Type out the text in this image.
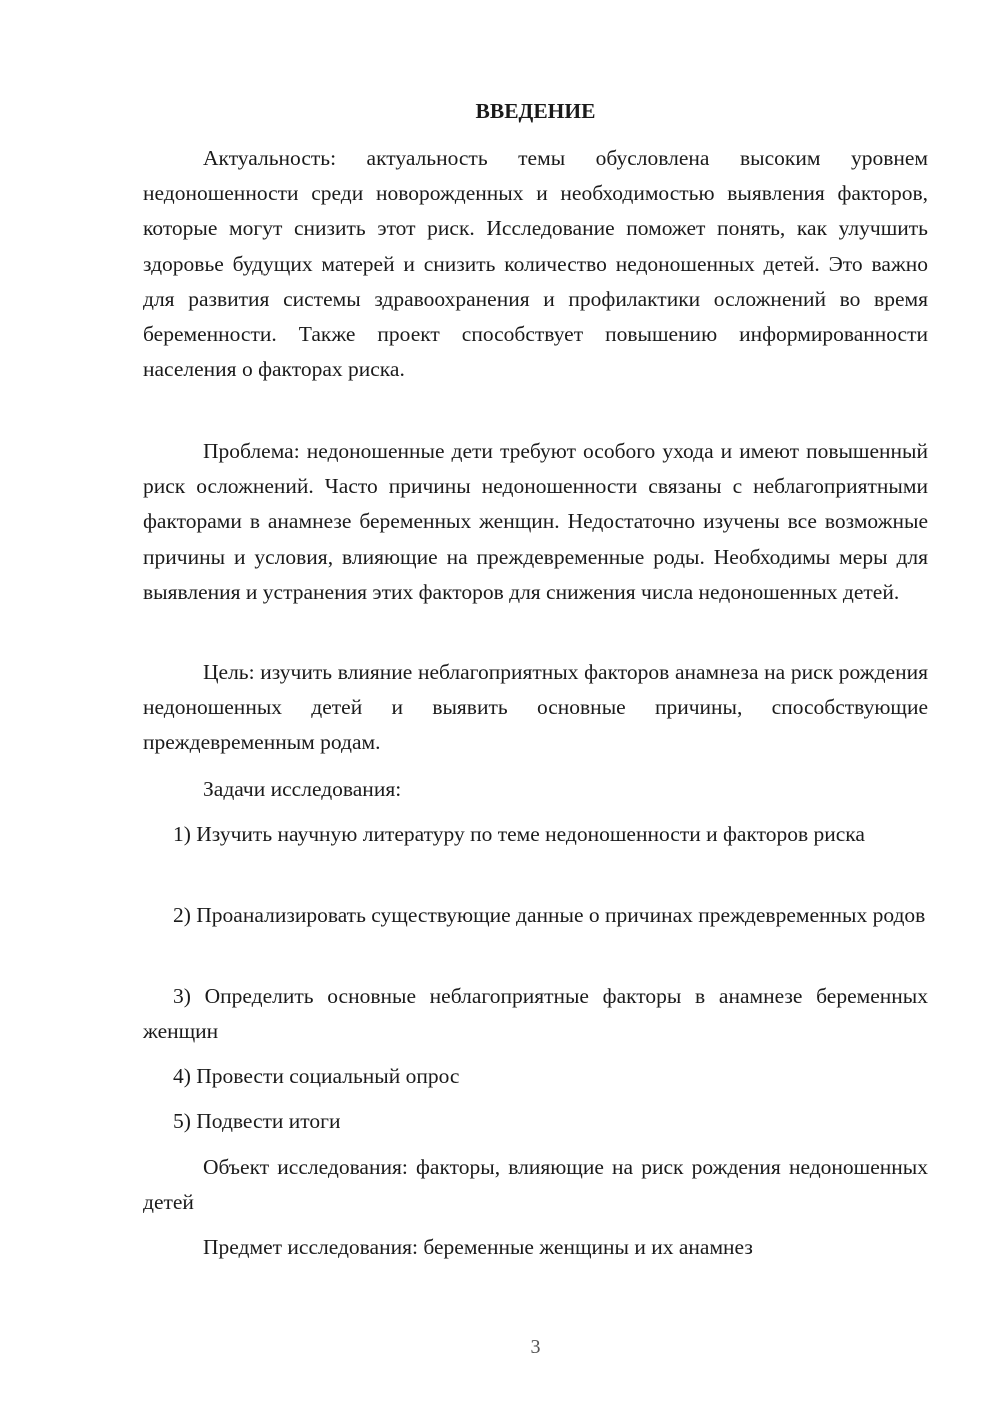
ВВЕДЕНИЕ

Актуальность: актуальность темы обусловлена высоким уровнем недоношенности среди новорожденных и необходимостью выявления факторов, которые могут снизить этот риск. Исследование поможет понять, как улучшить здоровье будущих матерей и снизить количество недоношенных детей. Это важно для развития системы здравоохранения и профилактики осложнений во время беременности. Также проект способствует повышению информированности населения о факторах риска.

Проблема: недоношенные дети требуют особого ухода и имеют повышенный риск осложнений. Часто причины недоношенности связаны с неблагоприятными факторами в анамнезе беременных женщин. Недостаточно изучены все возможные причины и условия, влияющие на преждевременные роды. Необходимы меры для выявления и устранения этих факторов для снижения числа недоношенных детей.

Цель: изучить влияние неблагоприятных факторов анамнеза на риск рождения недоношенных детей и выявить основные причины, способствующие преждевременным родам.

Задачи исследования:

1) Изучить научную литературу по теме недоношенности и факторов риска

2) Проанализировать существующие данные о причинах преждевременных родов

3) Определить основные неблагоприятные факторы в анамнезе беременных женщин

4) Провести социальный опрос

5) Подвести итоги

Объект исследования: факторы, влияющие на риск рождения недоношенных детей

Предмет исследования: беременные женщины и их анамнез

3
